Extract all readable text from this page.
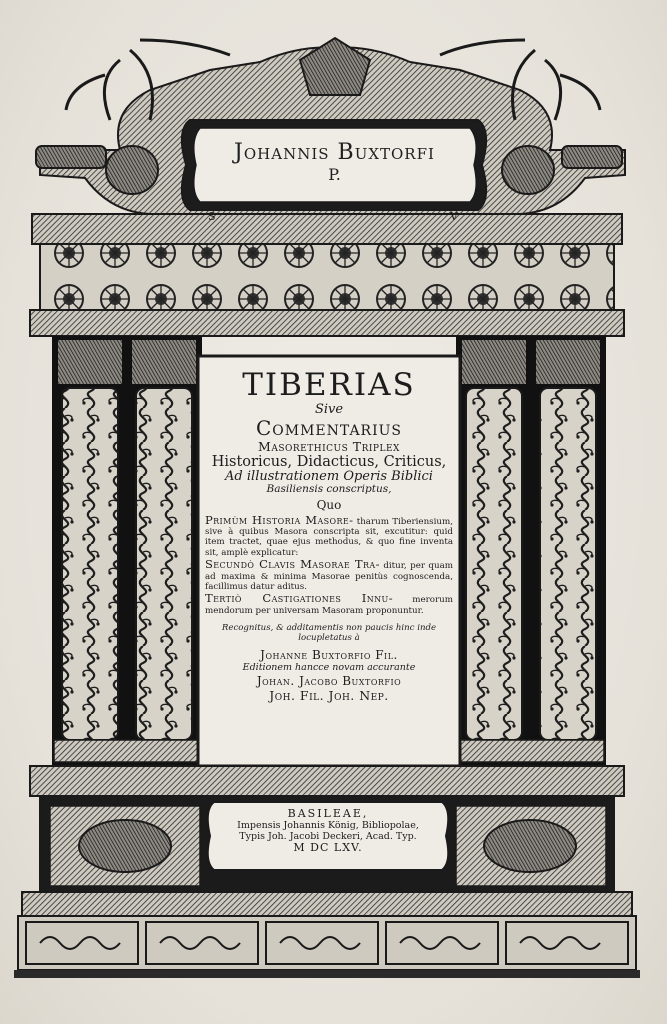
S	V
Johannis Buxtorfi
P.
TIBERIAS
Sive
Commentarius
Masorethicus Triplex
Historicus, Didacticus, Criticus,
Ad illustrationem Operis Biblici
Basiliensis conscriptus,
Quo
Primùm Historia Masore- tharum Tiberiensium, sive à quibus Masora conscripta sit, excutitur: quid item tractet, quae ejus methodus, & quo fine inventa sit, amplè explicatur:
Secundò Clavis Masorae Tra- ditur, per quam ad maxima & minima Masorae penitùs cognoscenda, facillimus datur aditus.
Tertiò Castigationes Innu- merorum mendorum per universam Masoram proponuntur.
Recognitus, & additamentis non paucis hinc inde locupletatus à
Johanne Buxtorfio Fil.
Editionem hancce novam accurante
Johan. Jacobo Buxtorfio
Joh. Fil. Joh. Nep.
BASILEAE,
Impensis Johannis König, Bibliopolae,
Typis Joh. Jacobi Deckeri, Acad. Typ.
M DC LXV.
